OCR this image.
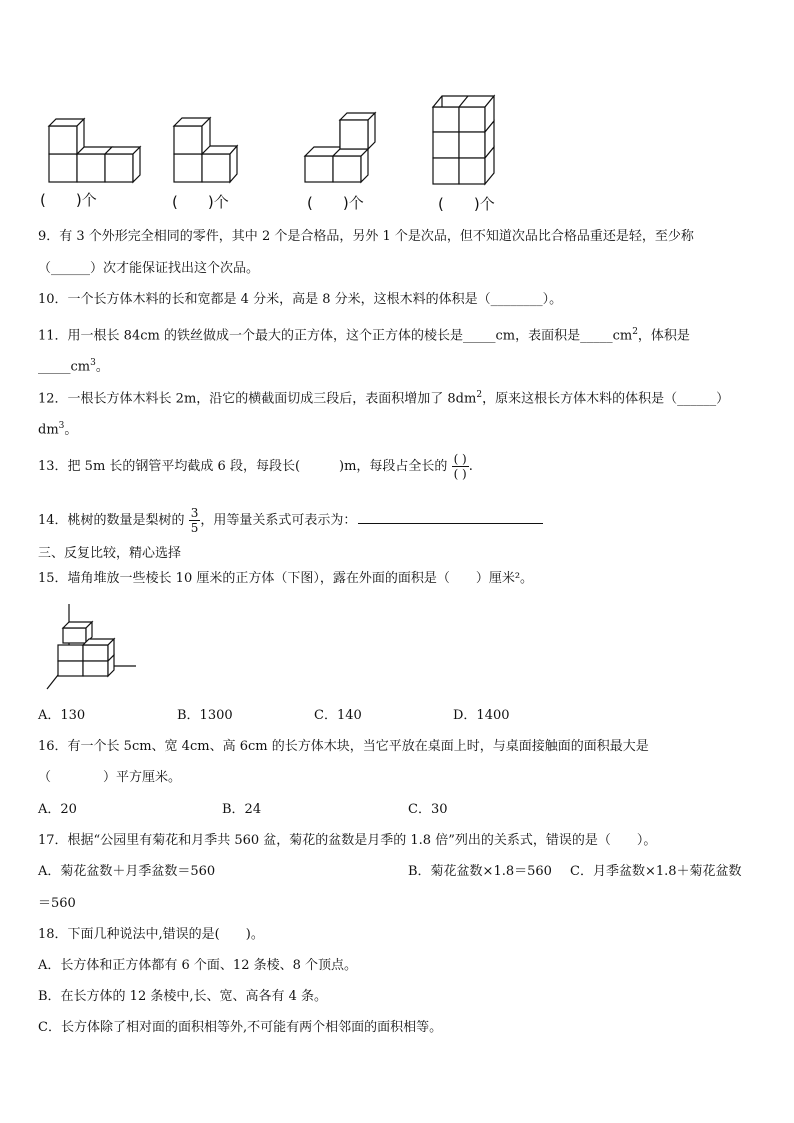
(　　)个	(　　)个	(　　)个	(　　)个
9．有 3 个外形完全相同的零件，其中 2 个是合格品，另外 1 个是次品，但不知道次品比合格品重还是轻，至少称
（______）次才能保证找出这个次品。
10．一个长方体木料的长和宽都是 4 分米，高是 8 分米，这根木料的体积是（________）。
11．用一根长 84cm 的铁丝做成一个最大的正方体，这个正方体的棱长是_____cm，表面积是$\_\_\_\_\_cm^2$，体积是
$\_\_\_\_\_cm^3$。
12．一根长方体木料长 2m，沿它的横截面切成三段后，表面积增加了 $8dm^2$，原来这根长方体木料的体积是（______）
$dm^3$。
13．把 5m 长的钢管平均截成 6 段，每段长(　　　)m，每段占全长的 $\frac{( )}{( )}$ .
14．桃树的数量是梨树的 $\frac{3}{5}$ ，用等量关系式可表示为：
三、反复比较，精心选择
15．墙角堆放一些棱长 10 厘米的正方体（下图），露在外面的面积是（　　）厘米²。
A．130	B．1300	C．140	D．1400
16．有一个长 5cm、宽 4cm、高 6cm 的长方体木块，当它平放在桌面上时，与桌面接触面的面积最大是
（　　　　）平方厘米。
A．20	B．24	C．30
17．根据“公园里有菊花和月季共 560 盆，菊花的盆数是月季的 1.8 倍”列出的关系式，错误的是（　　）。
A．菊花盆数＋月季盆数＝560	B．菊花盆数×1.8＝560 C．月季盆数×1.8＋菊花盆数
＝560
18．下面几种说法中,错误的是(　　)。
A．长方体和正方体都有 6 个面、12 条棱、8 个顶点。
B．在长方体的 12 条棱中,长、宽、高各有 4 条。
C．长方体除了相对面的面积相等外,不可能有两个相邻面的面积相等。
